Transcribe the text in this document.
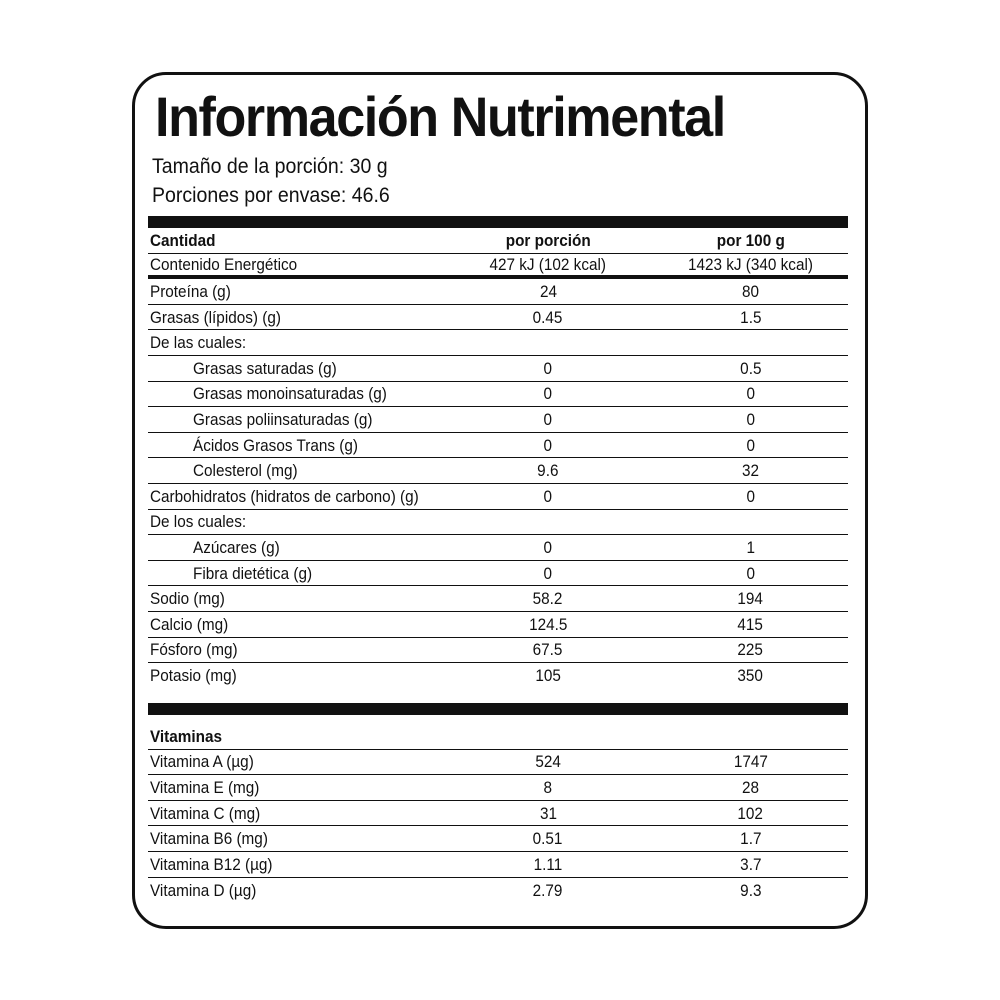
Información Nutrimental
Tamaño de la porción: 30 g
Porciones por envase: 46.6
Cantidad	por porción	por 100 g
Contenido Energético	427 kJ (102 kcal)	1423 kJ (340 kcal)
Proteína (g)	24	80
Grasas (lípidos) (g)	0.45	1.5
De las cuales:
Grasas saturadas (g)	0	0.5
Grasas monoinsaturadas (g)	0	0
Grasas poliinsaturadas (g)	0	0
Ácidos Grasos Trans (g)	0	0
Colesterol (mg)	9.6	32
Carbohidratos (hidratos de carbono) (g)	0	0
De los cuales:
Azúcares (g)	0	1
Fibra dietética (g)	0	0
Sodio (mg)	58.2	194
Calcio (mg)	124.5	415
Fósforo (mg)	67.5	225
Potasio (mg)	105	350
Vitaminas
Vitamina A (µg)	524	1747
Vitamina E (mg)	8	28
Vitamina C (mg)	31	102
Vitamina B6 (mg)	0.51	1.7
Vitamina B12 (µg)	1.11	3.7
Vitamina D (µg)	2.79	9.3
